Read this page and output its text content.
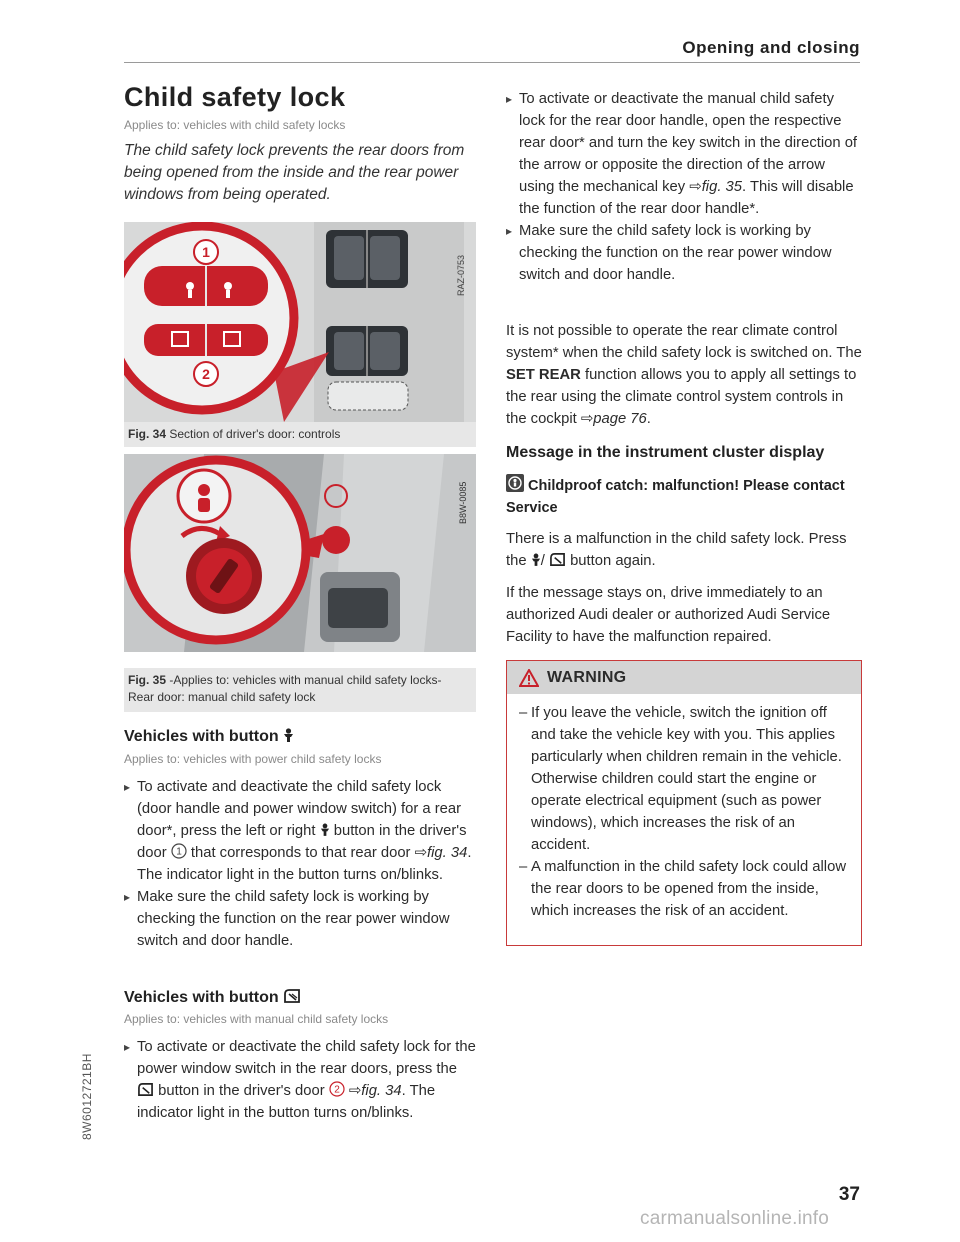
Opening and closing
Child safety lock
Applies to: vehicles with child safety locks
The child safety lock prevents the rear doors from being opened from the inside and the rear power windows from being operated.
1
2
RAZ-0753
Fig. 34 Section of driver's door: controls
B8W-0085
Fig. 35 -Applies to: vehicles with manual child safety locks-
Rear door: manual child safety lock
Vehicles with button
Applies to: vehicles with power child safety locks
▸ To activate and deactivate the child safety lock (door handle and power window switch) for a rear door*, press the left or right button in the driver's door 1 that corresponds to that rear door ⇨fig. 34. The indicator light in the button turns on/blinks.
▸ Make sure the child safety lock is working by checking the function on the rear power window switch and door handle.
Vehicles with button
Applies to: vehicles with manual child safety locks
▸ To activate or deactivate the child safety lock for the power window switch in the rear doors, press the  button in the driver's door 2 ⇨fig. 34. The indicator light in the button turns on/blinks.
▸ To activate or deactivate the manual child safety lock for the rear door handle, open the respective rear door* and turn the key switch in the direction of the arrow or opposite the direction of the arrow using the mechanical key ⇨fig. 35. This will disable the function of the rear door handle*.
▸ Make sure the child safety lock is working by checking the function on the rear power window switch and door handle.
It is not possible to operate the rear climate control system* when the child safety lock is switched on. The SET REAR function allows you to apply all settings to the rear using the climate control system controls in the cockpit ⇨page 76.
Message in the instrument cluster display
Childproof catch: malfunction! Please contact Service
There is a malfunction in the child safety lock. Press the /  button again.
If the message stays on, drive immediately to an authorized Audi dealer or authorized Audi Service Facility to have the malfunction repaired.
WARNING
– If you leave the vehicle, switch the ignition off and take the vehicle key with you. This applies particularly when children remain in the vehicle. Otherwise children could start the engine or operate electrical equipment (such as power windows), which increases the risk of an accident.
– A malfunction in the child safety lock could allow the rear doors to be opened from the inside, which increases the risk of an accident.
8W6012721BH
37
carmanualsonline.info
